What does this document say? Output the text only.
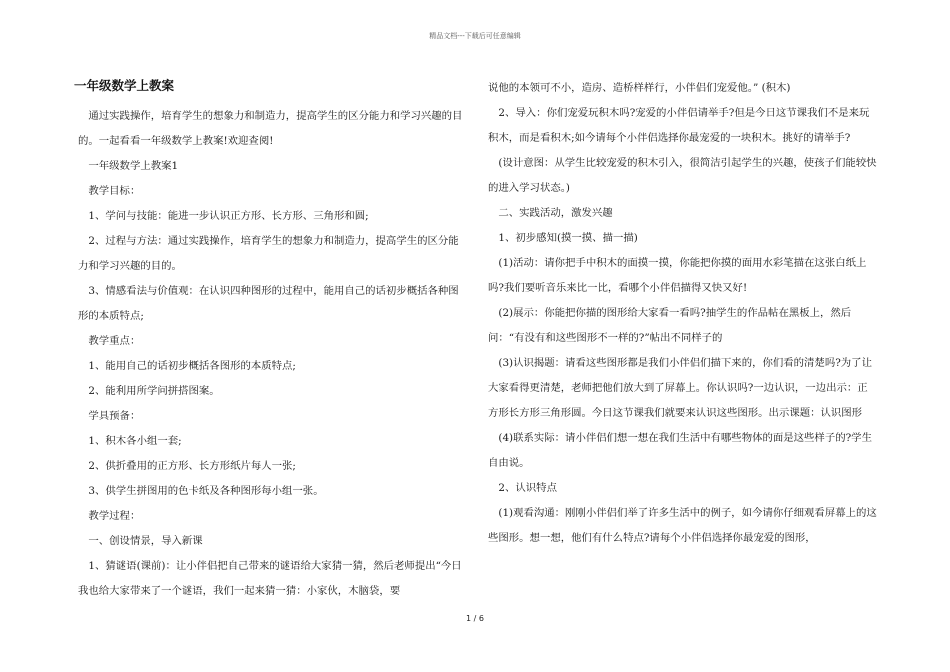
精品文档---下载后可任意编辑
一年级数学上教案

　通过实践操作，培育学生的想象力和制造力，提高学生的区分能力和学习兴趣的目的。一起看看一年级数学上教案!欢迎查阅!

　一年级数学上教案1

　教学目标：

　1、学问与技能：能进一步认识正方形、长方形、三角形和圆;

　2、过程与方法：通过实践操作，培育学生的想象力和制造力，提高学生的区分能力和学习兴趣的目的。

　3、情感看法与价值观：在认识四种图形的过程中，能用自己的话初步概括各种图形的本质特点;

　教学重点：

　1、能用自己的话初步概括各图形的本质特点;

　2、能利用所学问拼搭图案。

　学具预备：

　1、积木各小组一套;

　2、供折叠用的正方形、长方形纸片每人一张;

　3、供学生拼图用的色卡纸及各种图形每小组一张。

　教学过程：

　一、创设情景，导入新课

　1、猜谜语(课前)：让小伴侣把自己带来的谜语给大家猜一猜，然后老师提出“今日我也给大家带来了一个谜语，我们一起来猜一猜：小家伙，木脑袋，要

说他的本领可不小，造房、造桥样样行，小伴侣们宠爱他。” (积木)

　2、导入：你们宠爱玩积木吗?宠爱的小伴侣请举手?但是今日这节课我们不是来玩积木，而是看积木;如今请每个小伴侣选择你最宠爱的一块积木。挑好的请举手?

　(设计意图：从学生比较宠爱的积木引入，很简洁引起学生的兴趣，使孩子们能较快的进入学习状态。)

　二、实践活动，激发兴趣

　1、初步感知(摸一摸、描一描)

　(1)活动：请你把手中积木的面摸一摸，你能把你摸的面用水彩笔描在这张白纸上吗?我们要听音乐来比一比，看哪个小伴侣描得又快又好!

　(2)展示：你能把你描的图形给大家看一看吗?抽学生的作品帖在黑板上，然后问：“有没有和这些图形不一样的?”帖出不同样子的

　(3)认识揭题：请看这些图形都是我们小伴侣们描下来的，你们看的清楚吗?为了让大家看得更清楚，老师把他们放大到了屏幕上。你认识吗?一边认识，一边出示：正方形长方形三角形圆。今日这节课我们就要来认识这些图形。出示课题：认识图形

　(4)联系实际：请小伴侣们想一想在我们生活中有哪些物体的面是这些样子的?学生自由说。

　2、认识特点

　(1)观看沟通：刚刚小伴侣们举了许多生活中的例子，如今请你仔细观看屏幕上的这些图形。想一想，他们有什么特点?请每个小伴侣选择你最宠爱的图形，

1 / 6
